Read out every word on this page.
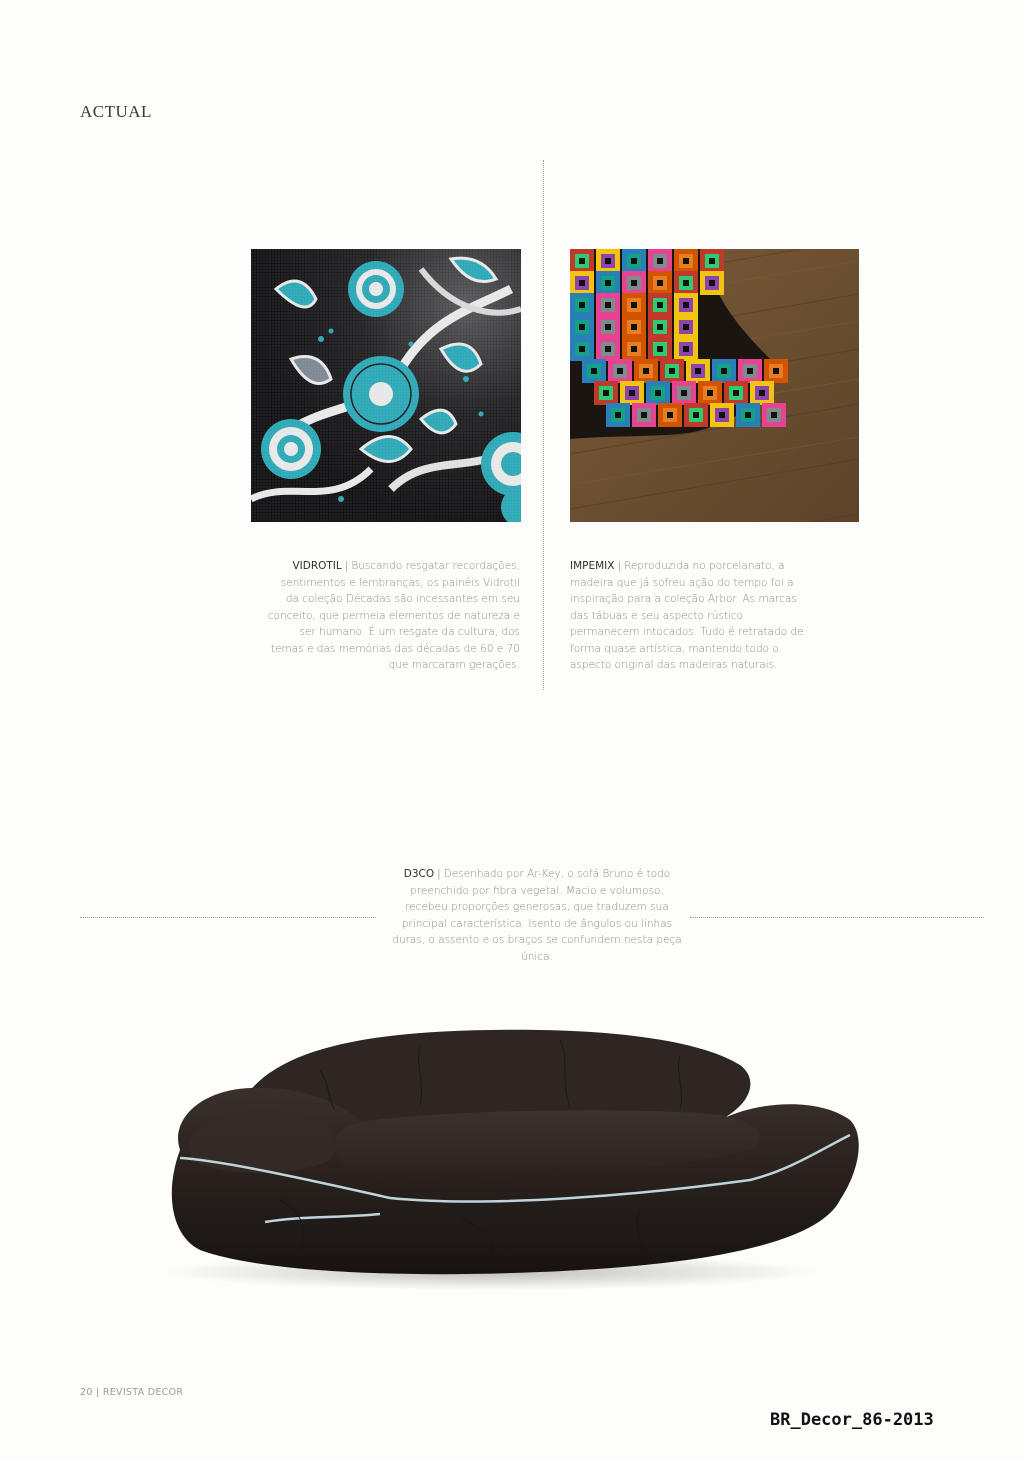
ACTUAL
VIDROTIL | Buscando resgatar recordações, sentimentos e lembranças, os painéis Vidrotil da coleção Décadas são incessantes em seu conceito, que permeia elementos de natureza e ser humano. É um resgate da cultura, dos temas e das memórias das décadas de 60 e 70 que marcaram gerações.
IMPEMIX | Reproduzida no porcelanato, a madeira que já sofreu ação do tempo foi a inspiração para a coleção Arbor. As marcas das tábuas e seu aspecto rústico permanecem intocados. Tudo é retratado de forma quase artística, mantendo todo o aspecto original das madeiras naturais.
D3CO | Desenhado por Ar-Key, o sofá Bruno é todo preenchido por fibra vegetal. Macio e volumoso, recebeu proporções generosas, que traduzem sua principal característica. Isento de ângulos ou linhas duras, o assento e os braços se confundem nesta peça única.
20 | REVISTA DECOR
BR_Decor_86-2013
